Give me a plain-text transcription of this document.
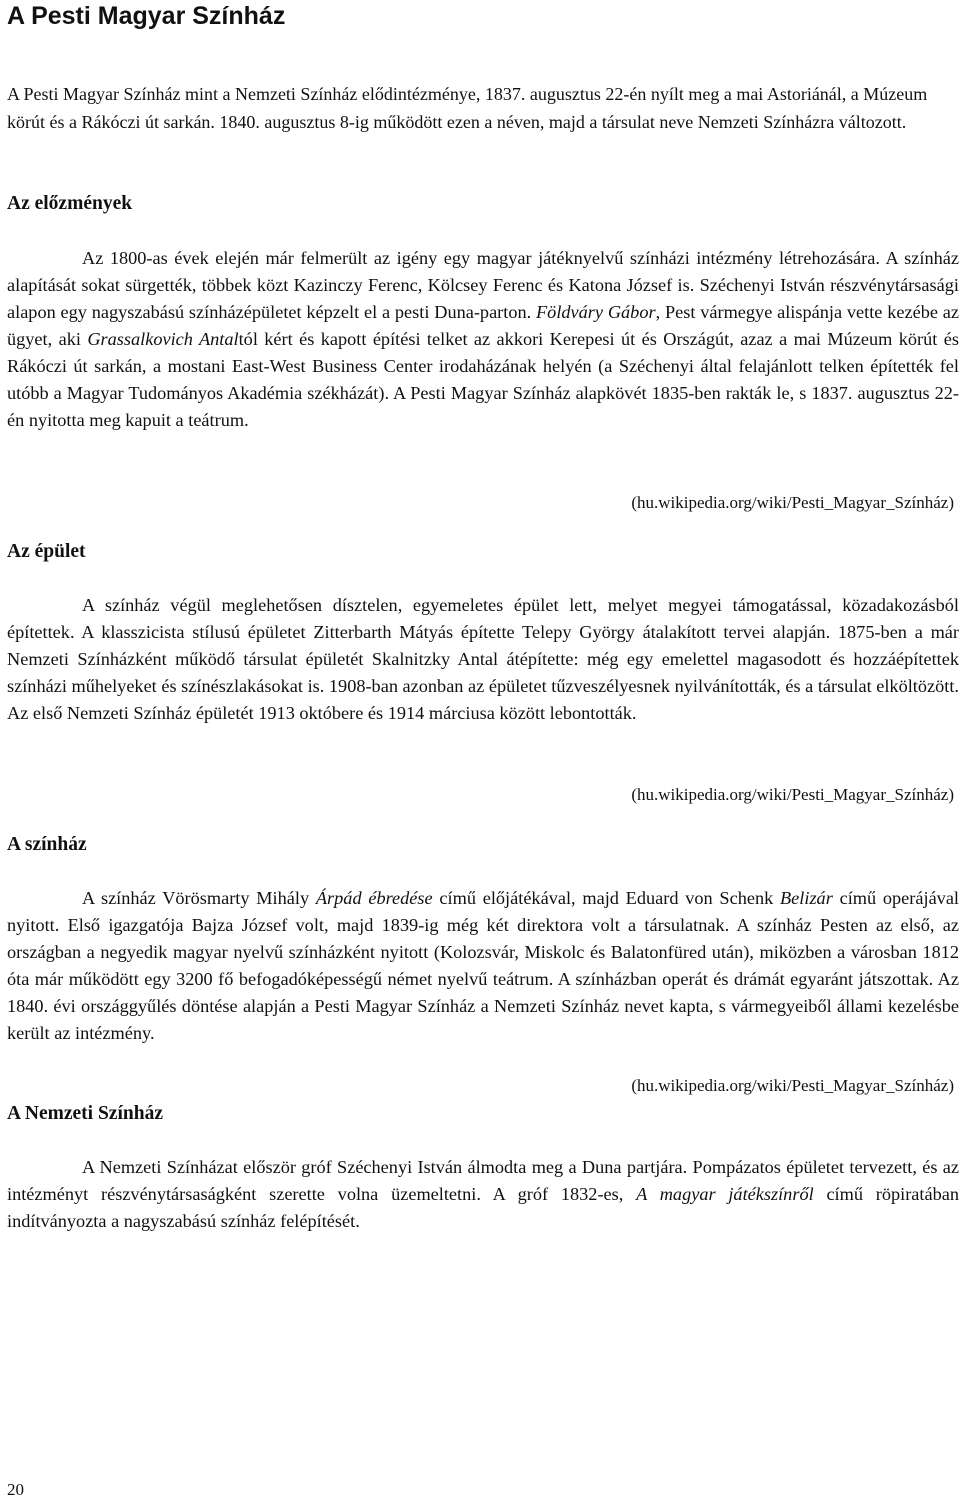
A Pesti Magyar Színház

A Pesti Magyar Színház mint a Nemzeti Színház elődintézménye, 1837. augusztus 22-én nyílt meg a mai Astoriánál, a Múzeum körút és a Rákóczi út sarkán. 1840. augusztus 8-ig működött ezen a néven, majd a társulat neve Nemzeti Színházra változott.

Az előzmények

Az 1800-as évek elején már felmerült az igény egy magyar játéknyelvű színházi intézmény létrehozására. A színház alapítását sokat sürgették, többek közt Kazinczy Ferenc, Kölcsey Ferenc és Katona József is. Széchenyi István részvénytársasági alapon egy nagyszabású színházépületet képzelt el a pesti Duna-parton. Földváry Gábor, Pest vármegye alispánja vette kezébe az ügyet, aki Grassalkovich Antaltól kért és kapott építési telket az akkori Kerepesi út és Országút, azaz a mai Múzeum körút és Rákóczi út sarkán, a mostani East-West Business Center irodaházának helyén (a Széchenyi által felajánlott telken építették fel utóbb a Magyar Tudományos Akadémia székházát). A Pesti Magyar Színház alapkövét 1835-ben rakták le, s 1837. augusztus 22-én nyitotta meg kapuit a teátrum.

(hu.wikipedia.org/wiki/Pesti_Magyar_Színház)
Az épület

A színház végül meglehetősen dísztelen, egyemeletes épület lett, melyet megyei támogatással, közadakozásból építettek. A klasszicista stílusú épületet Zitterbarth Mátyás építette Telepy György átalakított tervei alapján. 1875-ben a már Nemzeti Színházként működő társulat épületét Skalnitzky Antal átépítette: még egy emelettel magasodott és hozzáépítettek színházi műhelyeket és színészlakásokat is. 1908-ban azonban az épületet tűzveszélyesnek nyilvánították, és a társulat elköltözött. Az első Nemzeti Színház épületét 1913 októbere és 1914 márciusa között lebontották.

(hu.wikipedia.org/wiki/Pesti_Magyar_Színház)
A színház

A színház Vörösmarty Mihály Árpád ébredése című előjátékával, majd Eduard von Schenk Belizár című operájával nyitott. Első igazgatója Bajza József volt, majd 1839-ig még két direktora volt a társulatnak. A színház Pesten az első, az országban a negyedik magyar nyelvű színházként nyitott (Kolozsvár, Miskolc és Balatonfüred után), miközben a városban 1812 óta már működött egy 3200 fő befogadóképességű német nyelvű teátrum. A színházban operát és drámát egyaránt játszottak. Az 1840. évi országgyűlés döntése alapján a Pesti Magyar Színház a Nemzeti Színház nevet kapta, s vármegyeiből állami kezelésbe került az intézmény.

(hu.wikipedia.org/wiki/Pesti_Magyar_Színház)
A Nemzeti Színház

A Nemzeti Színházat először gróf Széchenyi István álmodta meg a Duna partjára. Pompázatos épületet tervezett, és az intézményt részvénytársaságként szerette volna üzemeltetni. A gróf 1832-es, A magyar játékszínről című röpiratában indítványozta a nagyszabású színház felépítését.

20
